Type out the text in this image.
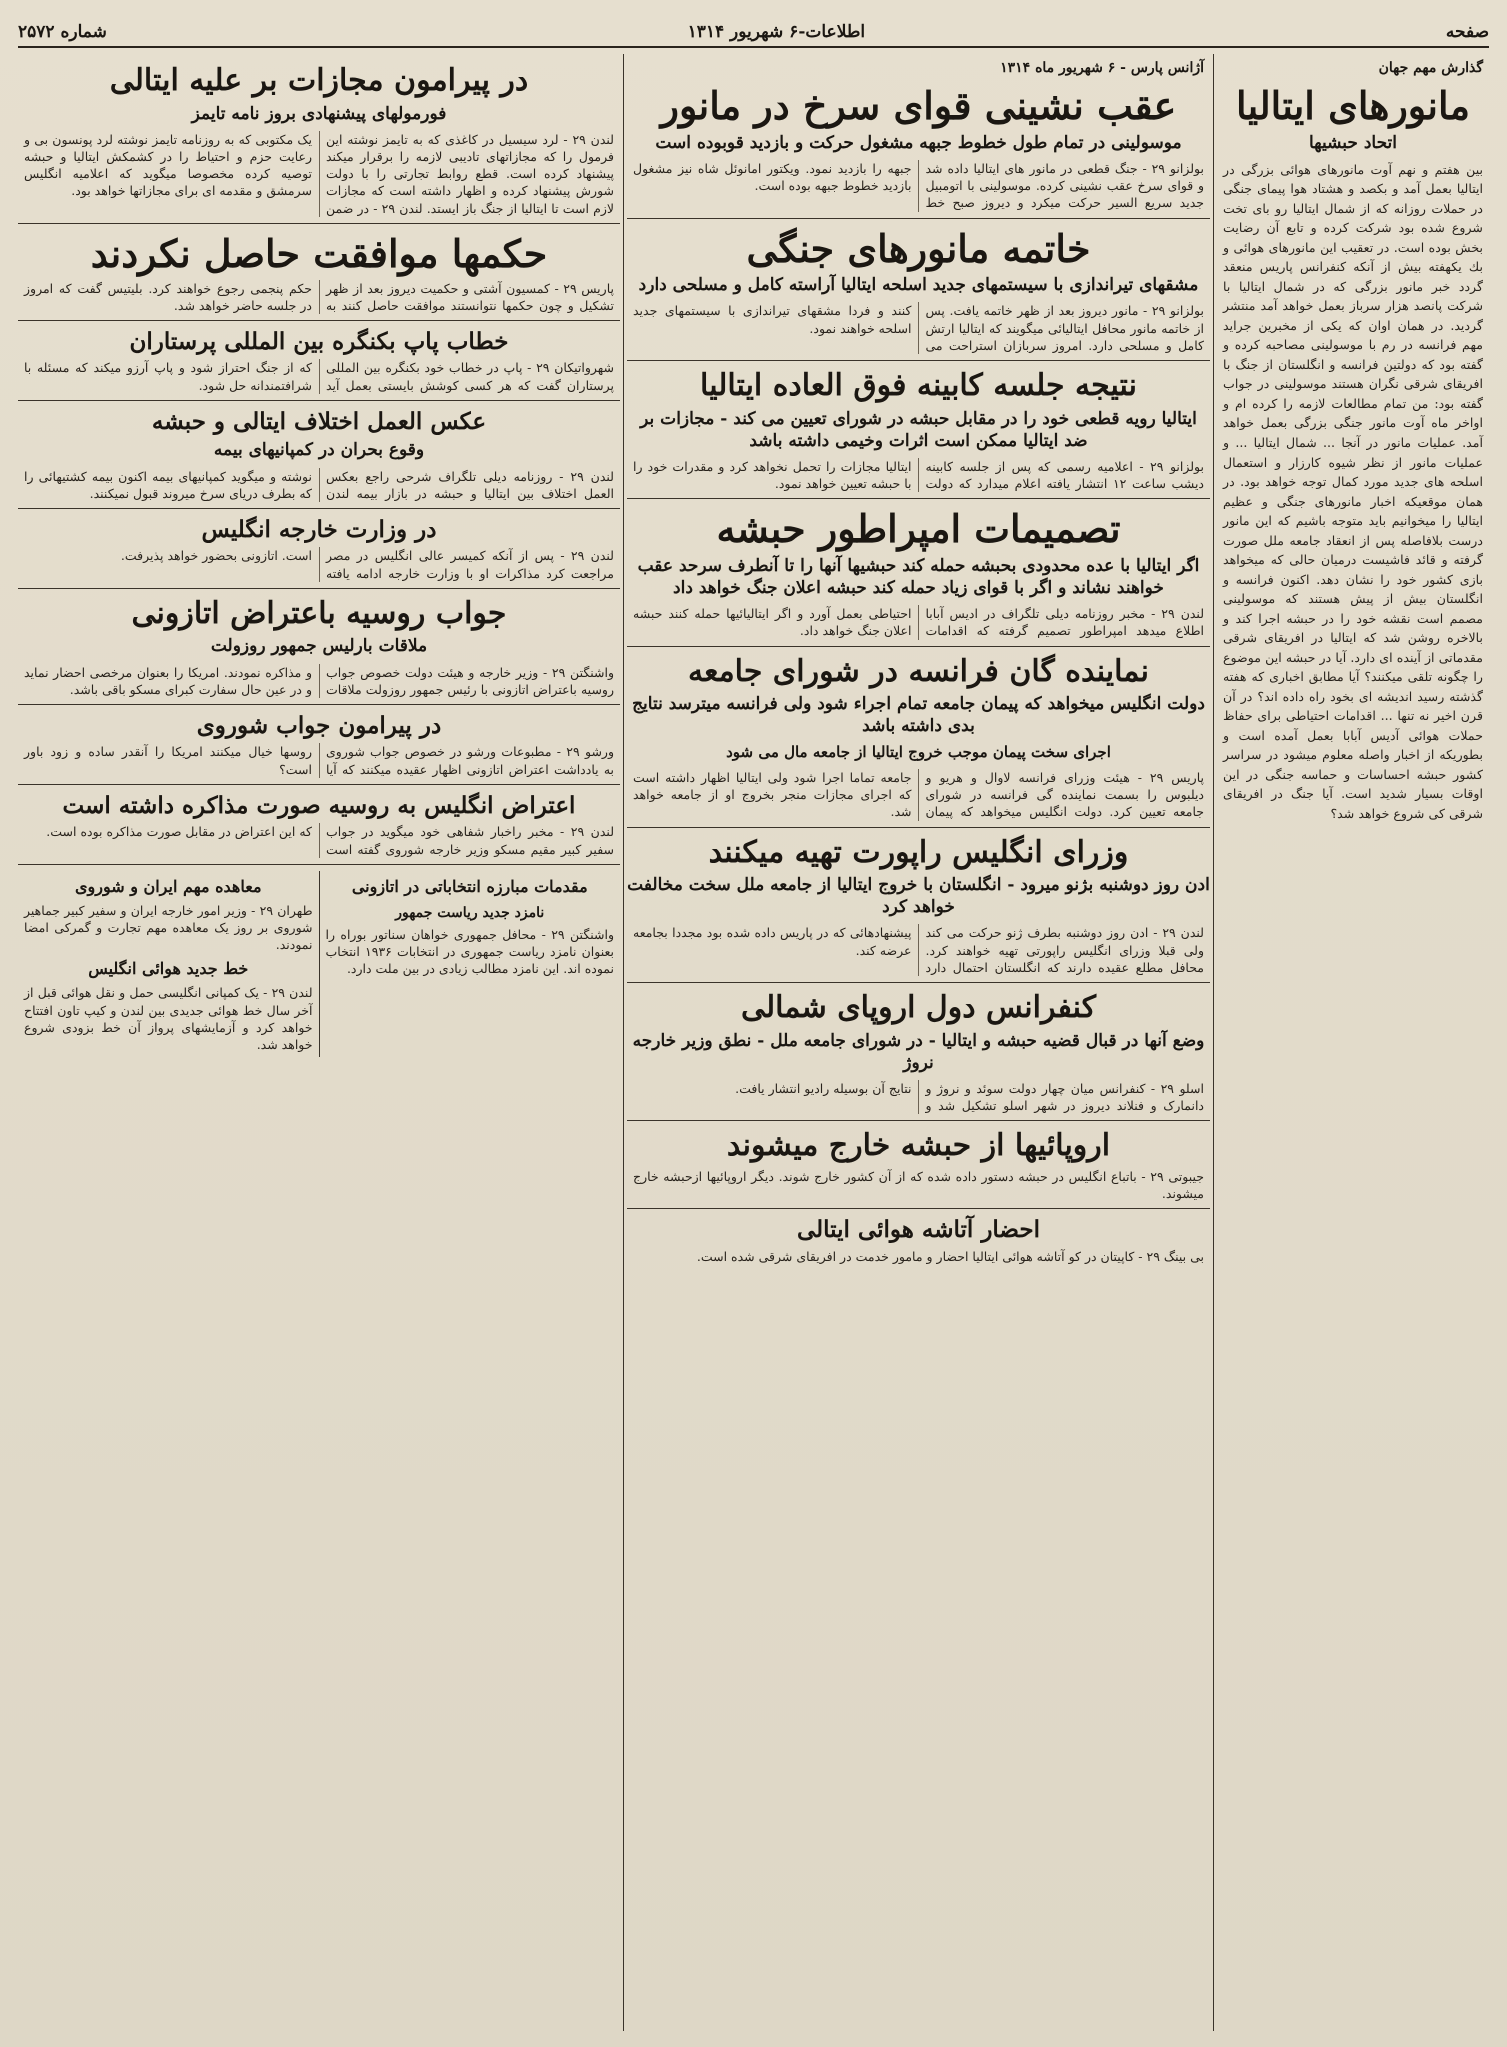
صفحه
اطلاعات-۶ شهریور ۱۳۱۴
شماره ۲۵۷۲
گذارش مهم جهان
مانورهای ایتالیا
اتحاد حبشیها
بین هفتم و نهم آوت مانورهای هوائی بزرگی در ایتالیا بعمل آمد و بکصد و هشتاد هوا پیمای جنگی در حملات روزانه که از شمال ایتالیا رو بای تخت شروع شده بود شرکت کرده و تابع آن رضایت بخش بوده است. در تعقیب این مانورهای هوائی و بك یکهفته بیش از آنکه کنفرانس پاریس منعقد گردد خبر مانور بزرگی که در شمال ایتالیا با شرکت پانصد هزار سرباز بعمل خواهد آمد منتشر گردید. در همان اوان که یکی از مخبرین جراید مهم فرانسه در رم با موسولینی مصاحبه کرده و گفته بود که دولتین فرانسه و انگلستان از جنگ با افریقای شرقی نگران هستند موسولینی در جواب گفته بود: من تمام مطالعات لازمه را کرده ام و اواخر ماه آوت مانور جنگی بزرگی بعمل خواهد آمد. عملیات مانور در آنجا ... شمال ایتالیا ... و عملیات مانور از نظر شیوه کارزار و استعمال اسلحه های جدید مورد کمال توجه خواهد بود. در همان موقعیکه اخبار مانورهای جنگی و عظیم ایتالیا را میخوانیم باید متوجه باشیم که این مانور درست بلافاصله پس از انعقاد جامعه ملل صورت گرفته و قائد فاشیست درمیان حالی که میخواهد بازی کشور خود را نشان دهد. اکنون فرانسه و انگلستان بیش از پیش هستند که موسولینی مصمم است نقشه خود را در حبشه اجرا کند و بالاخره روشن شد که ایتالیا در افریقای شرقی مقدماتی از آینده ای دارد. آیا در حبشه این موضوع را چگونه تلقی میکنند؟ آیا مطابق اخباری که هفته گذشته رسید اندیشه ای بخود راه داده اند؟ در آن قرن اخیر نه تنها ... اقدامات احتیاطی برای حفاظ حملات هوائی آدیس آبابا بعمل آمده است و بطوریکه از اخبار واصله معلوم میشود در سراسر کشور حبشه احساسات و حماسه جنگی در این اوقات بسیار شدید است. آیا جنگ در افریقای شرقی کی شروع خواهد شد؟
آژانس پارس - ۶ شهریور ماه ۱۳۱۴
عقب نشینی قوای سرخ در مانور
موسولینی در تمام طول خطوط جبهه مشغول حرکت و بازدید قوبوده است
بولزانو ۲۹ - جنگ قطعی در مانور های ایتالیا داده شد و قوای سرخ عقب نشینی کرده. موسولینی با اتومبیل جدید سریع السیر حرکت میکرد و دیروز صبح خط جبهه را بازدید نمود. ویکتور امانوئل شاه نیز مشغول بازدید خطوط جبهه بوده است.
خاتمه مانورهای جنگی
مشقهای تیراندازی با سیستمهای جدید اسلحه ایتالیا آراسته کامل و مسلحی دارد
بولزانو ۲۹ - مانور دیروز بعد از ظهر خاتمه یافت. پس از خاتمه مانور محافل ایتالیائی میگویند که ایتالیا ارتش کامل و مسلحی دارد. امروز سربازان استراحت می کنند و فردا مشقهای تیراندازی با سیستمهای جدید اسلحه خواهند نمود.
نتیجه جلسه کابینه فوق العاده ایتالیا
ایتالیا رویه قطعی خود را در مقابل حبشه در شورای تعیین می کند - مجازات بر ضد ایتالیا ممکن است اثرات وخیمی داشته باشد
بولزانو ۲۹ - اعلامیه رسمی که پس از جلسه کابینه دیشب ساعت ۱۲ انتشار یافته اعلام میدارد که دولت ایتالیا مجازات را تحمل نخواهد کرد و مقدرات خود را با حبشه تعیین خواهد نمود.
تصمیمات امپراطور حبشه
اگر ایتالیا با عده محدودی بحبشه حمله کند حبشیها آنها را تا آنطرف سرحد عقب خواهند نشاند و اگر با قوای زیاد حمله کند حبشه اعلان جنگ خواهد داد
لندن ۲۹ - مخبر روزنامه دیلی تلگراف در ادیس آبابا اطلاع میدهد امپراطور تصمیم گرفته که اقدامات احتیاطی بعمل آورد و اگر ایتالیائیها حمله کنند حبشه اعلان جنگ خواهد داد.
نماینده گان فرانسه در شورای جامعه
دولت انگلیس میخواهد که پیمان جامعه تمام اجراء شود ولی فرانسه میترسد نتایج بدی داشته باشد
اجرای سخت پیمان موجب خروج ایتالیا از جامعه مال می شود
پاریس ۲۹ - هیئت وزرای فرانسه لاوال و هریو و دیلبوس را بسمت نماینده گی فرانسه در شورای جامعه تعیین کرد. دولت انگلیس میخواهد که پیمان جامعه تماما اجرا شود ولی ایتالیا اظهار داشته است که اجرای مجازات منجر بخروج او از جامعه خواهد شد.
وزرای انگلیس راپورت تهیه میکنند
ادن روز دوشنبه بژنو میرود - انگلستان با خروج ایتالیا از جامعه ملل سخت مخالفت خواهد کرد
لندن ۲۹ - ادن روز دوشنبه بطرف ژنو حرکت می کند ولی قبلا وزرای انگلیس راپورتی تهیه خواهند کرد. محافل مطلع عقیده دارند که انگلستان احتمال دارد پیشنهادهائی که در پاریس داده شده بود مجددا بجامعه عرضه کند.
کنفرانس دول اروپای شمالی
وضع آنها در قبال قضیه حبشه و ایتالیا - در شورای جامعه ملل - نطق وزیر خارجه نروژ
اسلو ۲۹ - کنفرانس میان چهار دولت سوئد و نروژ و دانمارک و فنلاند دیروز در شهر اسلو تشکیل شد و نتایج آن بوسیله رادیو انتشار یافت.
اروپائیها از حبشه خارج میشوند
جیبوتی ۲۹ - باتباع انگلیس در حبشه دستور داده شده که از آن کشور خارج شوند. دیگر اروپائیها ازحبشه خارج میشوند.
احضار آتاشه هوائی ایتالی
بی بینگ ۲۹ - کاپیتان در کو آتاشه هوائی ایتالیا احضار و مامور خدمت در افریقای شرقی شده است.
در پیرامون مجازات بر علیه ایتالی
فورمولهای پیشنهادی بروز نامه تایمز
لندن ۲۹ - لرد سیسیل در کاغذی که به تایمز نوشته این فرمول را که مجازاتهای تادیبی لازمه را برقرار میکند پیشنهاد کرده است. قطع روابط تجارتی را با دولت شورش پیشنهاد کرده و اظهار داشته است که مجازات لازم است تا ایتالیا از جنگ باز ایستد. لندن ۲۹ - در ضمن یک مکتوبی که به روزنامه تایمز نوشته لرد پونسون بی و رعایت حزم و احتیاط را در کشمکش ایتالیا و حبشه توصیه کرده مخصوصا میگوید که اعلامیه انگلیس سرمشق و مقدمه ای برای مجازاتها خواهد بود.
حکمها موافقت حاصل نکردند
پاریس ۲۹ - کمسیون آشتی و حکمیت دیروز بعد از ظهر تشکیل و چون حکمها نتوانستند موافقت حاصل کنند به حکم پنجمی رجوع خواهند کرد. بلیتیس گفت که امروز در جلسه حاضر خواهد شد.
خطاب پاپ بکنگره بین المللی پرستاران
شهرواتیکان ۲۹ - پاپ در خطاب خود بکنگره بین المللی پرستاران گفت که هر کسی کوشش بایستی بعمل آید که از جنگ احتراز شود و پاپ آرزو میکند که مسئله با شرافتمندانه حل شود.
عکس العمل اختلاف ایتالی و حبشه
وقوع بحران در کمپانیهای بیمه
لندن ۲۹ - روزنامه دیلی تلگراف شرحی راجع بعکس العمل اختلاف بین ایتالیا و حبشه در بازار بیمه لندن نوشته و میگوید کمپانیهای بیمه اکنون بیمه کشتیهائی را که بطرف دریای سرخ میروند قبول نمیکنند.
در وزارت خارجه انگلیس
لندن ۲۹ - پس از آنکه کمیسر عالی انگلیس در مصر مراجعت کرد مذاکرات او با وزارت خارجه ادامه یافته است. اتازونی بحضور خواهد پذیرفت.
جواب روسیه باعتراض اتازونی
ملاقات بارلیس جمهور روزولت
واشنگتن ۲۹ - وزیر خارجه و هیئت دولت خصوص جواب روسیه باعتراض اتازونی با رئیس جمهور روزولت ملاقات و مذاکره نمودند. امریکا را بعنوان مرخصی احضار نماید و در عین حال سفارت کبرای مسکو باقی باشد.
در پیرامون جواب شوروی
ورشو ۲۹ - مطبوعات ورشو در خصوص جواب شوروی به یادداشت اعتراض اتازونی اظهار عقیده میکنند که آیا روسها خیال میکنند امریکا را آنقدر ساده و زود باور است؟
اعتراض انگلیس به روسیه صورت مذاکره داشته است
لندن ۲۹ - مخبر راخبار شفاهی خود میگوید در جواب سفیر کبیر مقیم مسکو وزیر خارجه شوروی گفته است که این اعتراض در مقابل صورت مذاکره بوده است.
مقدمات مبارزه انتخاباتی در اتازونی
نامزد جدید ریاست جمهور
واشنگتن ۲۹ - محافل جمهوری خواهان سناتور بوراه را بعنوان نامزد ریاست جمهوری در انتخابات ۱۹۳۶ انتخاب نموده اند. این نامزد مطالب زیادی در بین ملت دارد.
معاهده مهم ایران و شوروی
طهران ۲۹ - وزیر امور خارجه ایران و سفیر کبیر جماهیر شوروی بر روز یک معاهده مهم تجارت و گمرکی امضا نمودند.
خط جدید هوائی انگلیس
لندن ۲۹ - یک کمپانی انگلیسی حمل و نقل هوائی قبل از آخر سال خط هوائی جدیدی بین لندن و کیپ تاون افتتاح خواهد کرد و آزمایشهای پرواز آن خط بزودی شروع خواهد شد.
